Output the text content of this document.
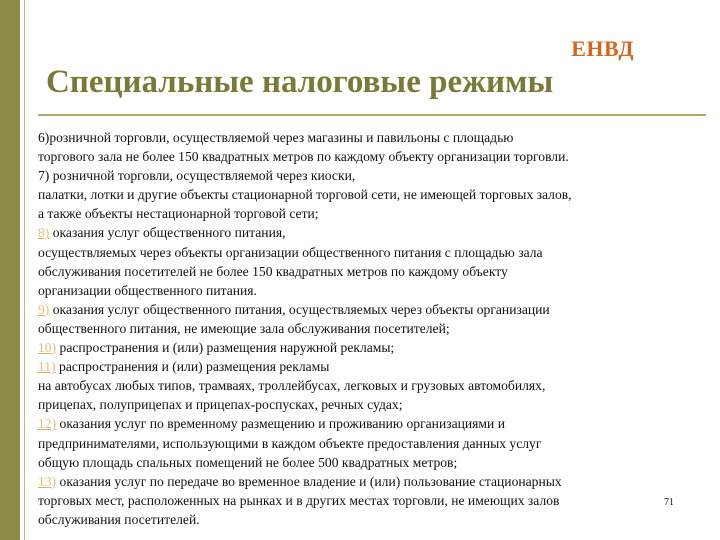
ЕНВД
Специальные налоговые режимы
6)розничной торговли, осуществляемой через магазины и павильоны с площадью
торгового зала не более 150 квадратных метров по каждому объекту организации торговли.
7) розничной торговли, осуществляемой через киоски,
палатки, лотки и другие объекты стационарной торговой сети, не имеющей торговых залов,
а также объекты нестационарной торговой сети;
8) оказания услуг общественного питания,
осуществляемых через объекты организации общественного питания с площадью зала
обслуживания посетителей не более 150 квадратных метров по каждому объекту
организации общественного питания.
9) оказания услуг общественного питания, осуществляемых через объекты организации
общественного питания, не имеющие зала обслуживания посетителей;
10) распространения и (или) размещения наружной рекламы;
11) распространения и (или) размещения рекламы
на автобусах любых типов, трамваях, троллейбусах, легковых и грузовых автомобилях,
прицепах, полуприцепах и прицепах-роспусках, речных судах;
12) оказания услуг по временному размещению и проживанию организациями и
предпринимателями, использующими в каждом объекте предоставления данных услуг
общую площадь спальных помещений не более 500 квадратных метров;
13) оказания услуг по передаче во временное владение и (или) пользование стационарных
торговых мест, расположенных на рынках и в других местах торговли, не имеющих залов
обслуживания посетителей.
71
